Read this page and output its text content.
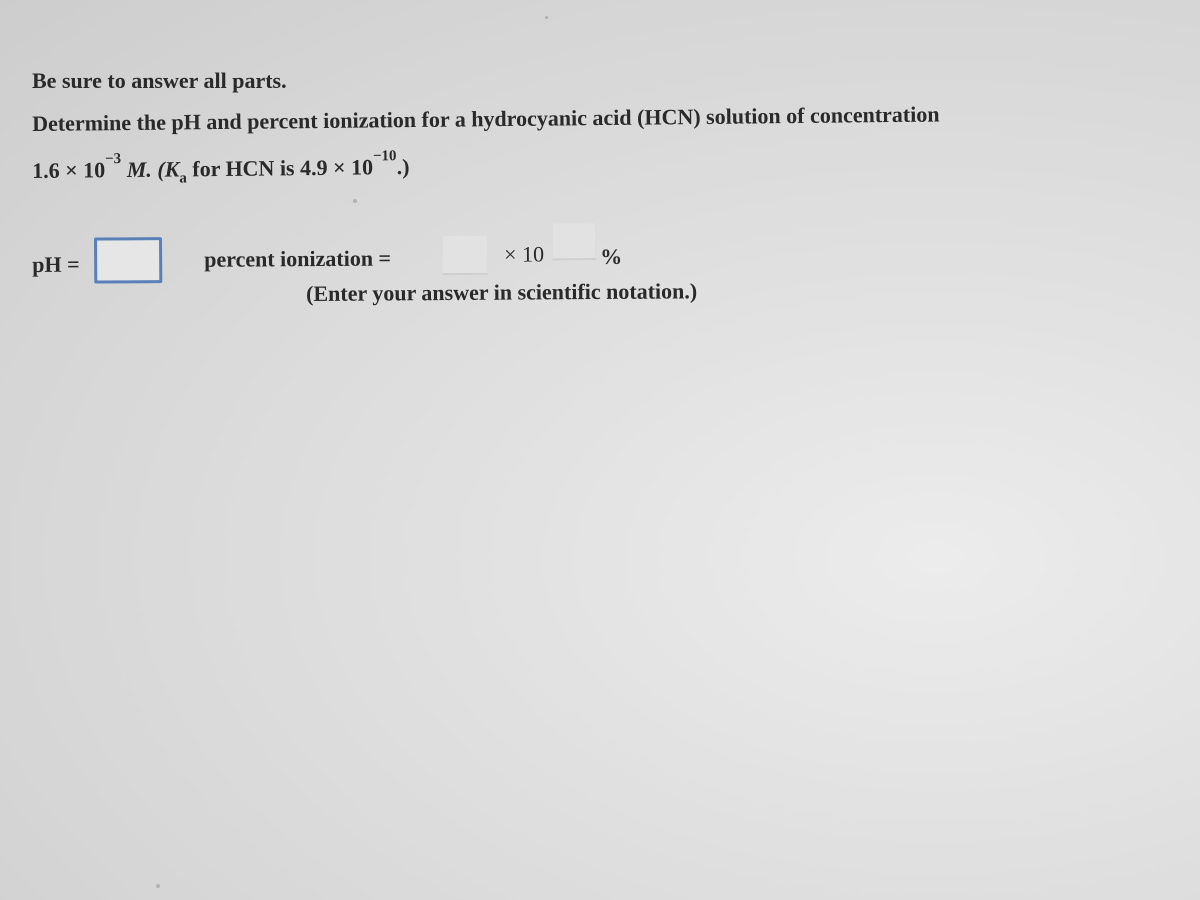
Be sure to answer all parts.
Determine the pH and percent ionization for a hydrocyanic acid (HCN) solution of concentration
$1.6 \times 10^{-3}$ M. ($K_a$ for HCN is $4.9 \times 10^{-10}$.)
pH =	percent ionization =	× 10	%
(Enter your answer in scientific notation.)
